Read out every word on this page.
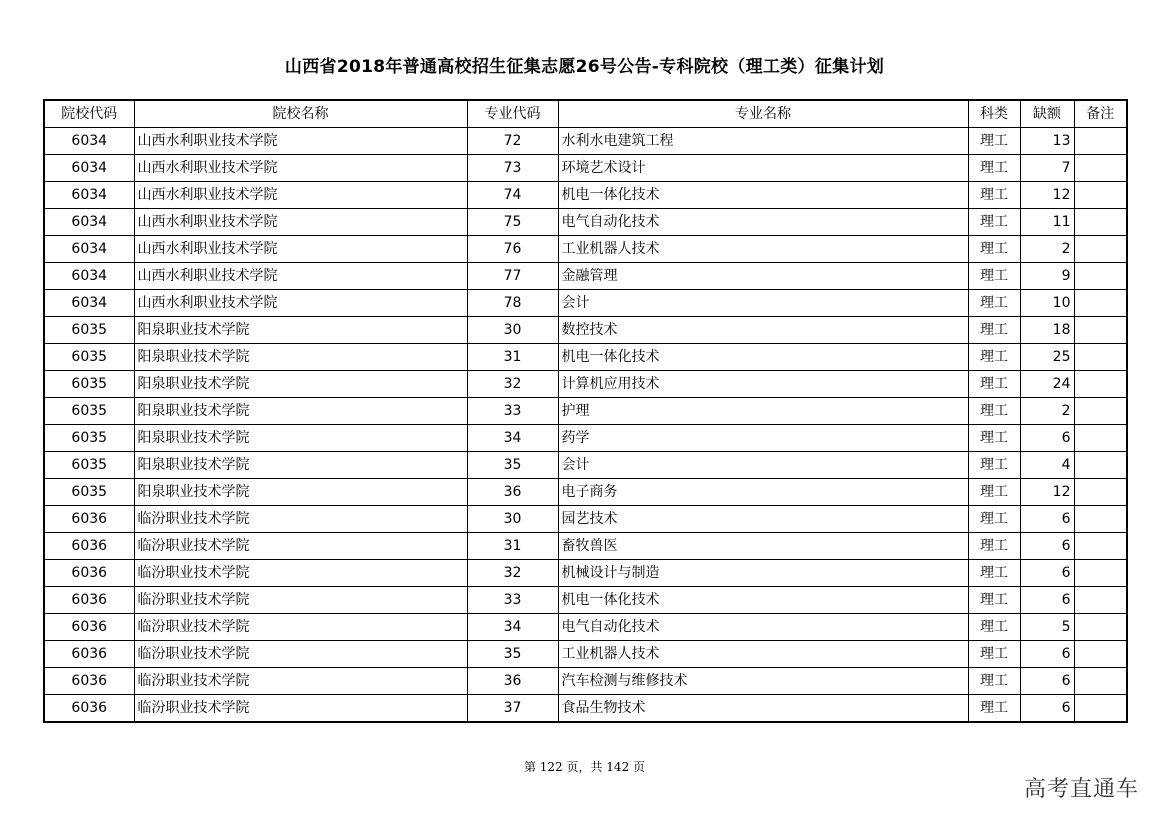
山西省2018年普通高校招生征集志愿26号公告-专科院校（理工类）征集计划
院校代码	院校名称	专业代码	专业名称	科类	缺额	备注
6034	山西水利职业技术学院	72	水利水电建筑工程	理工	13	
6034	山西水利职业技术学院	73	环境艺术设计	理工	7	
6034	山西水利职业技术学院	74	机电一体化技术	理工	12	
6034	山西水利职业技术学院	75	电气自动化技术	理工	11	
6034	山西水利职业技术学院	76	工业机器人技术	理工	2	
6034	山西水利职业技术学院	77	金融管理	理工	9	
6034	山西水利职业技术学院	78	会计	理工	10	
6035	阳泉职业技术学院	30	数控技术	理工	18	
6035	阳泉职业技术学院	31	机电一体化技术	理工	25	
6035	阳泉职业技术学院	32	计算机应用技术	理工	24	
6035	阳泉职业技术学院	33	护理	理工	2	
6035	阳泉职业技术学院	34	药学	理工	6	
6035	阳泉职业技术学院	35	会计	理工	4	
6035	阳泉职业技术学院	36	电子商务	理工	12	
6036	临汾职业技术学院	30	园艺技术	理工	6	
6036	临汾职业技术学院	31	畜牧兽医	理工	6	
6036	临汾职业技术学院	32	机械设计与制造	理工	6	
6036	临汾职业技术学院	33	机电一体化技术	理工	6	
6036	临汾职业技术学院	34	电气自动化技术	理工	5	
6036	临汾职业技术学院	35	工业机器人技术	理工	6	
6036	临汾职业技术学院	36	汽车检测与维修技术	理工	6	
6036	临汾职业技术学院	37	食品生物技术	理工	6	
第 122 页，共 142 页
高考直通车
